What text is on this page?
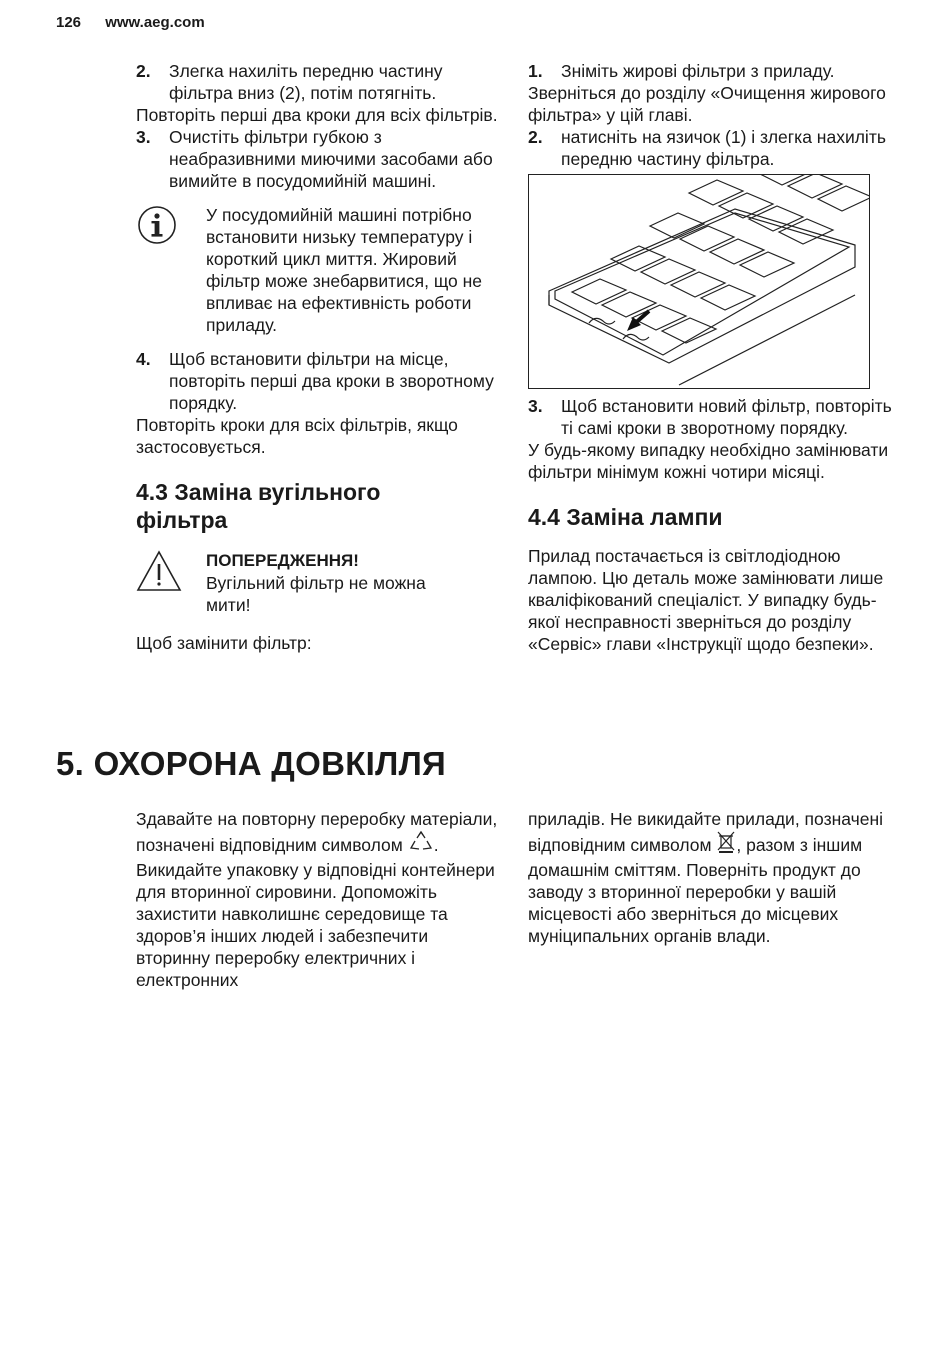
126 www.aeg.com
2.	Злегка нахиліть передню частину фільтра вниз (2), потім потягніть.

Повторіть перші два кроки для всіх фільтрів.

3.	Очистіть фільтри губкою з неабразивними миючими засобами або вимийте в посудомийній машині.
У посудомийній машині потрібно встановити низьку температуру і короткий цикл миття. Жировий фільтр може знебарвитися, що не впливає на ефективність роботи приладу.
4.	Щоб встановити фільтри на місце, повторіть перші два кроки в зворотному порядку.

Повторіть кроки для всіх фільтрів, якщо застосовується.

4.3 Заміна вугільного фільтра
ПОПЕРЕДЖЕННЯ!
Вугільний фільтр не можна мити!

Щоб замінити фільтр:

1.	Зніміть жирові фільтри з приладу.

Зверніться до розділу «Очищення жирового фільтра» у цій главі.

2.	натисніть на язичок (1) і злегка нахиліть передню частину фільтра.
3.	Щоб встановити новий фільтр, повторіть ті самі кроки в зворотному порядку.

У будь-якому випадку необхідно замінювати фільтри мінімум кожні чотири місяці.

4.4 Заміна лампи

Прилад постачається із світлодіодною лампою. Цю деталь може замінювати лише кваліфікований спеціаліст. У випадку будь-якої несправності зверніться до розділу «Сервіс» глави «Інструкції щодо безпеки».

5. ОХОРОНА ДОВКІЛЛЯ

Здавайте на повторну переробку матеріали, позначені відповідним символом . Викидайте упаковку у відповідні контейнери для вторинної сировини. Допоможіть захистити навколишнє середовище та здоров’я інших людей і забезпечити вторинну переробку електричних і електронних

приладів. Не викидайте прилади, позначені відповідним символом , разом з іншим домашнім сміттям. Поверніть продукт до заводу з вторинної переробки у вашій місцевості або зверніться до місцевих муніципальних органів влади.
